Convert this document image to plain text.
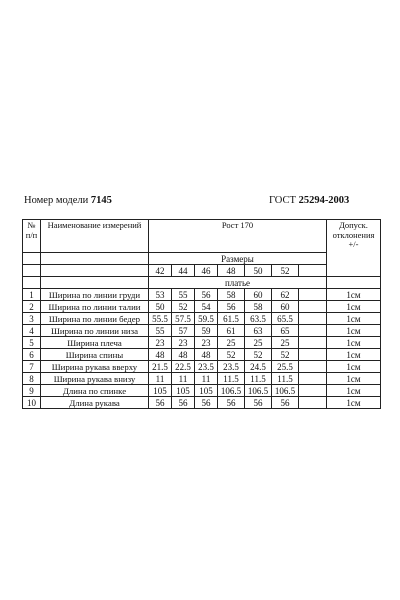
Номер модели 7145	ГОСТ 25294-2003
№ п/п	Наименование измерений	Рост 170							Допуск. отклонения +/-
		Размеры							
		42	44	46	48	50	52		
		платье							
1	Ширина по линии груди	53	55	56	58	60	62		1см
2	Ширина по линии талии	50	52	54	56	58	60		1см
3	Ширина по линии бедер	55.5	57.5	59.5	61.5	63.5	65.5		1см
4	Ширина по линии низа	55	57	59	61	63	65		1см
5	Ширина плеча	23	23	23	25	25	25		1см
6	Ширина спины	48	48	48	52	52	52		1см
7	Ширина рукава вверху	21.5	22.5	23.5	23.5	24.5	25.5		1см
8	Ширина рукава внизу	11	11	11	11.5	11.5	11.5		1см
9	Длина по спинке	105	105	105	106.5	106.5	106.5		1см
10	Длина рукава	56	56	56	56	56	56		1см
